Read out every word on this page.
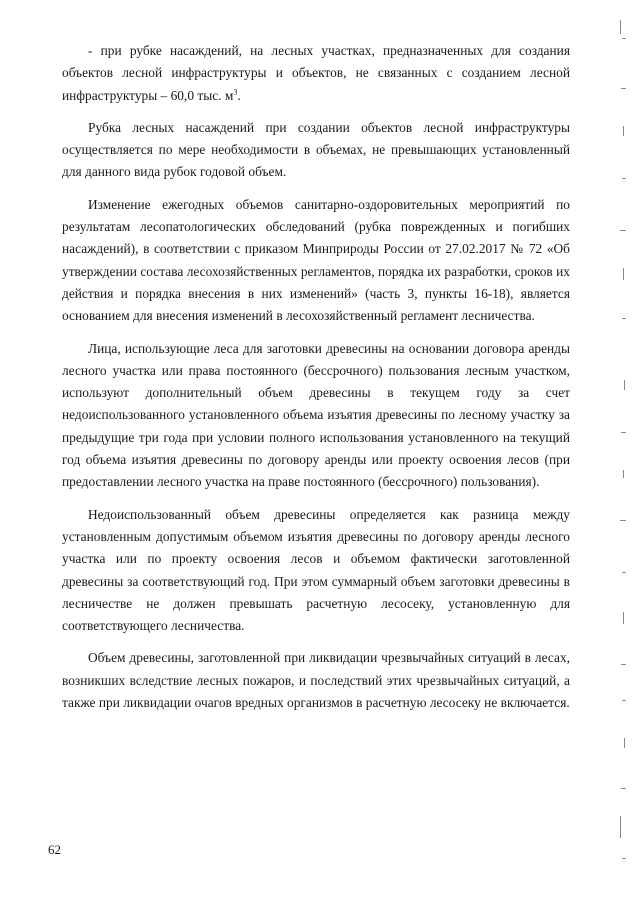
- при рубке насаждений, на лесных участках, предназначенных для создания объектов лесной инфраструктуры и объектов, не связанных с созданием лесной инфраструктуры – 60,0 тыс. $м^3$.

Рубка лесных насаждений при создании объектов лесной инфраструктуры осуществляется по мере необходимости в объемах, не превышающих установленный для данного вида рубок годовой объем.

Изменение ежегодных объемов санитарно-оздоровительных мероприятий по результатам лесопатологических обследований (рубка поврежденных и погибших насаждений), в соответствии с приказом Минприроды России от 27.02.2017 № 72 «Об утверждении состава лесохозяйственных регламентов, порядка их разработки, сроков их действия и порядка внесения в них изменений» (часть 3, пункты 16-18), является основанием для внесения изменений в лесохозяйственный регламент лесничества.

Лица, использующие леса для заготовки древесины на основании договора аренды лесного участка или права постоянного (бессрочного) пользования лесным участком, используют дополнительный объем древесины в текущем году за счет недоиспользованного установленного объема изъятия древесины по лесному участку за предыдущие три года при условии полного использования установленного на текущий год объема изъятия древесины по договору аренды или проекту освоения лесов (при предоставлении лесного участка на праве постоянного (бессрочного) пользования).

Недоиспользованный объем древесины определяется как разница между установленным допустимым объемом изъятия древесины по договору аренды лесного участка или по проекту освоения лесов и объемом фактически заготовленной древесины за соответствующий год. При этом суммарный объем заготовки древесины в лесничестве не должен превышать расчетную лесосеку, установленную для соответствующего лесничества.

Объем древесины, заготовленной при ликвидации чрезвычайных ситуаций в лесах, возникших вследствие лесных пожаров, и последствий этих чрезвычайных ситуаций, а также при ликвидации очагов вредных организмов в расчетную лесосеку не включается.

62
